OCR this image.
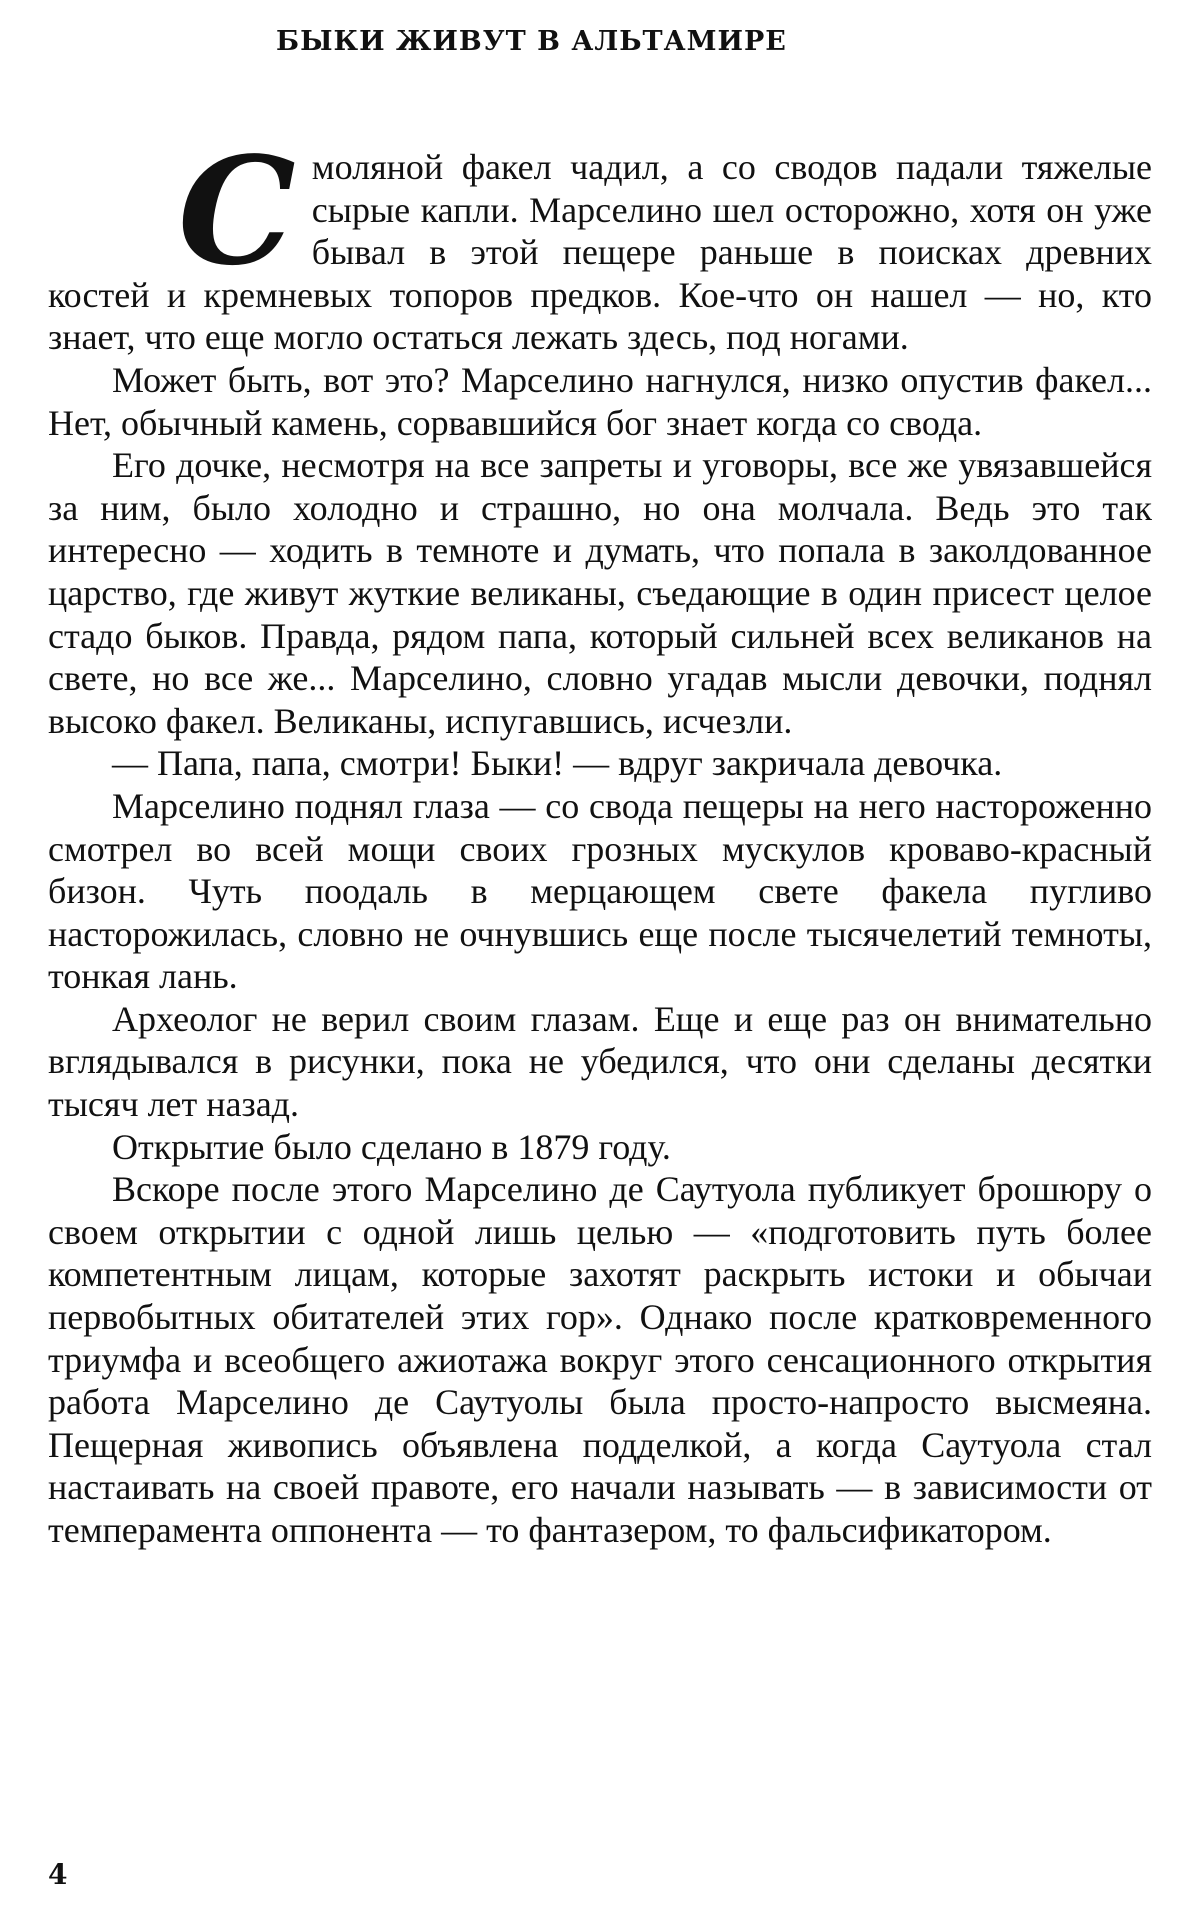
БЫКИ ЖИВУТ В АЛЬТАМИРЕ

Смоляной факел чадил, а со сводов падали тяжелые сырые капли. Марселино шел осторожно, хотя он уже бывал в этой пещере раньше в поисках древних костей и кремневых топоров предков. Кое-что он нашел — но, кто знает, что еще могло остаться лежать здесь, под ногами.

Может быть, вот это? Марселино нагнулся, низко опустив факел... Нет, обычный камень, сорвавшийся бог знает когда со свода.

Его дочке, несмотря на все запреты и уговоры, все же увязавшейся за ним, было холодно и страшно, но она молчала. Ведь это так интересно — ходить в темноте и думать, что попала в заколдованное царство, где живут жуткие великаны, съедающие в один присест целое стадо быков. Правда, рядом папа, который сильней всех великанов на свете, но все же... Марселино, словно угадав мысли девочки, поднял высоко факел. Великаны, испугавшись, исчезли.

— Папа, папа, смотри! Быки! — вдруг закричала девочка.

Марселино поднял глаза — со свода пещеры на него настороженно смотрел во всей мощи своих грозных мускулов кроваво-красный бизон. Чуть поодаль в мерцающем свете факела пугливо насторожилась, словно не очнувшись еще после тысячелетий темноты, тонкая лань.

Археолог не верил своим глазам. Еще и еще раз он внимательно вглядывался в рисунки, пока не убедился, что они сделаны десятки тысяч лет назад.

Открытие было сделано в 1879 году.

Вскоре после этого Марселино де Саутуола публикует брошюру о своем открытии с одной лишь целью — «подготовить путь более компетентным лицам, которые захотят раскрыть истоки и обычаи первобытных обитателей этих гор». Однако после кратковременного триумфа и всеобщего ажиотажа вокруг этого сенсационного открытия работа Марселино де Саутуолы была просто-напросто высмеяна. Пещерная живопись объявлена подделкой, а когда Саутуола стал настаивать на своей правоте, его начали называть — в зависимости от темперамента оппонента — то фантазером, то фальсификатором.

4
